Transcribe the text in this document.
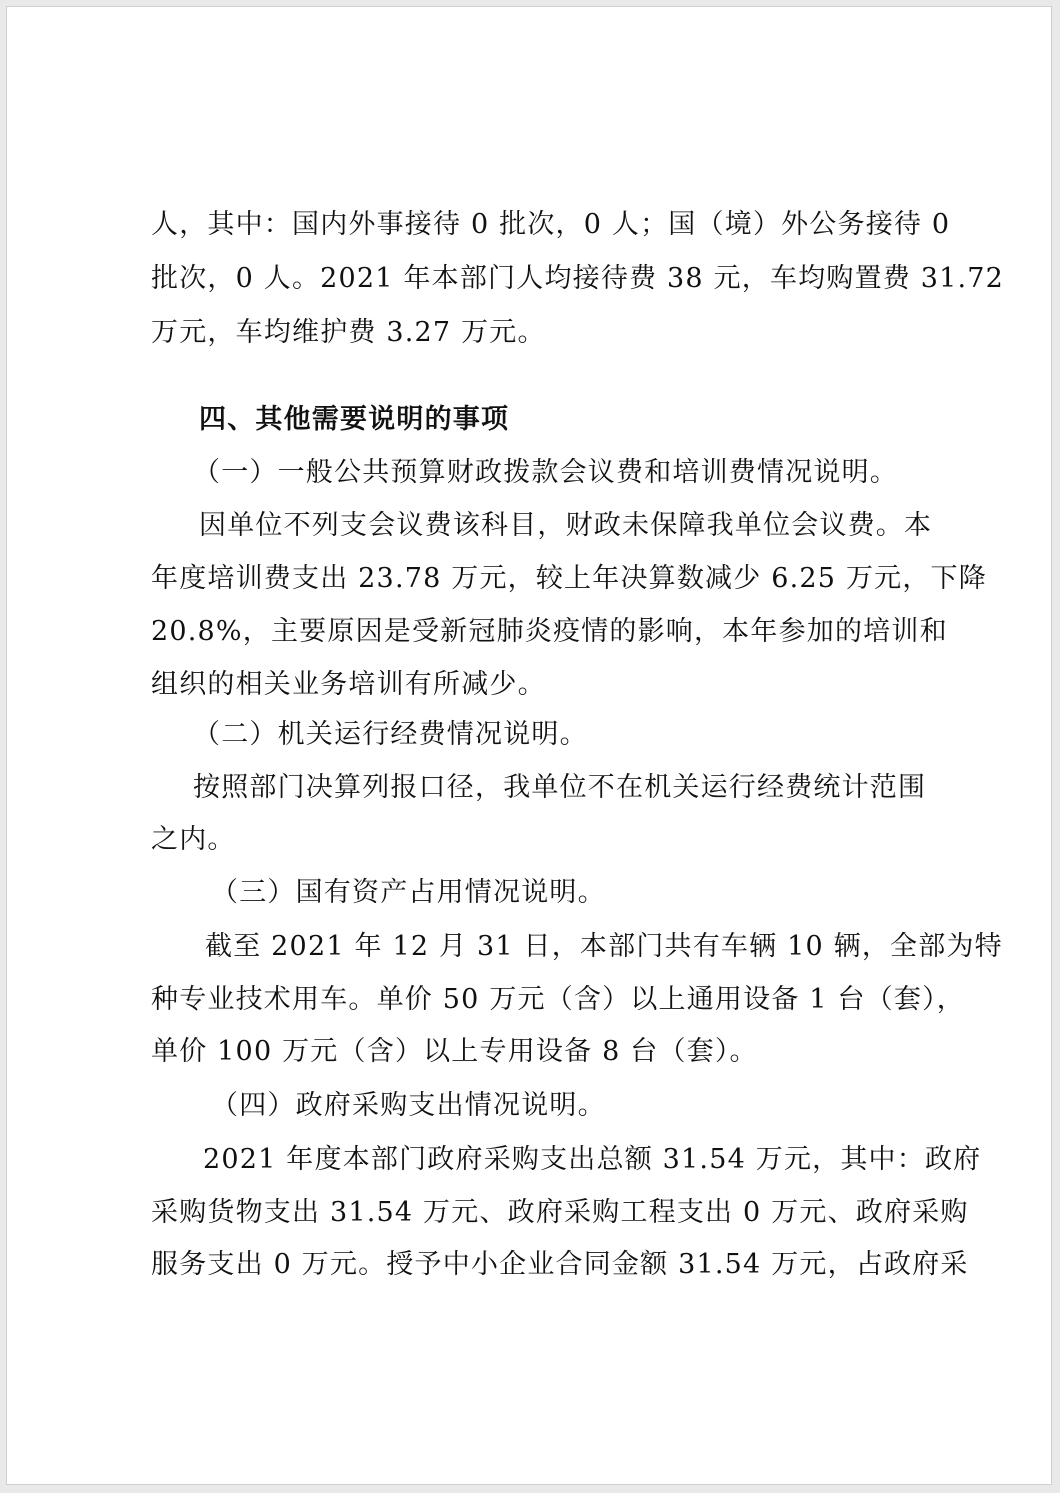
人，其中：国内外事接待 0 批次，0 人；国（境）外公务接待 0
批次，0 人。2021 年本部门人均接待费 38 元，车均购置费 31.72
万元，车均维护费 3.27 万元。
四、其他需要说明的事项
（一）一般公共预算财政拨款会议费和培训费情况说明。
因单位不列支会议费该科目，财政未保障我单位会议费。本
年度培训费支出 23.78 万元，较上年决算数减少 6.25 万元，下降
20.8%，主要原因是受新冠肺炎疫情的影响，本年参加的培训和
组织的相关业务培训有所减少。
（二）机关运行经费情况说明。
按照部门决算列报口径，我单位不在机关运行经费统计范围
之内。
（三）国有资产占用情况说明。
截至 2021 年 12 月 31 日，本部门共有车辆 10 辆，全部为特
种专业技术用车。单价 50 万元（含）以上通用设备 1 台（套），
单价 100 万元（含）以上专用设备 8 台（套）。
（四）政府采购支出情况说明。
2021 年度本部门政府采购支出总额 31.54 万元，其中：政府
采购货物支出 31.54 万元、政府采购工程支出 0 万元、政府采购
服务支出 0 万元。授予中小企业合同金额 31.54 万元，占政府采
